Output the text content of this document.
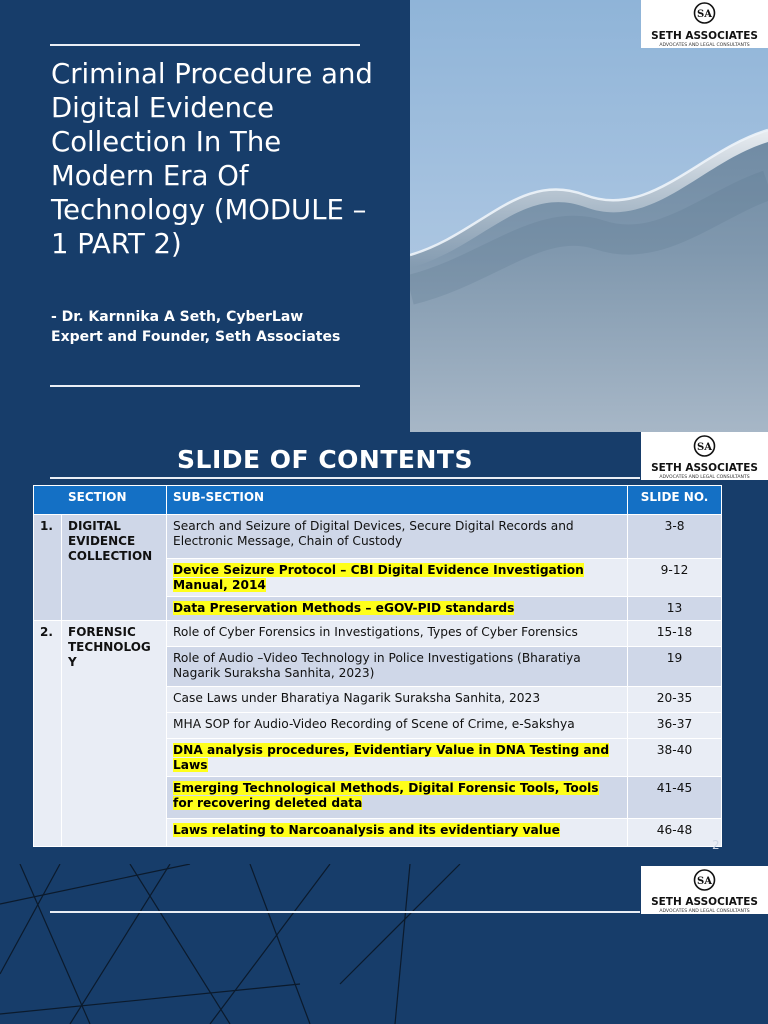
Criminal Procedure and Digital Evidence Collection In The Modern Era Of Technology (MODULE – 1 PART 2)

- Dr. Karnnika A Seth, CyberLaw Expert and Founder, Seth Associates

SA
SETH ASSOCIATES
ADVOCATES AND LEGAL CONSULTANTS
SA
SETH ASSOCIATES
ADVOCATES AND LEGAL CONSULTANTS
SLIDE OF CONTENTS
SECTION		SUB-SECTION	SLIDE NO.
1.	DIGITAL EVIDENCE COLLECTION	Search and Seizure of Digital Devices, Secure Digital Records and Electronic Message, Chain of Custody	3-8
		Device Seizure Protocol – CBI Digital Evidence Investigation Manual, 2014	9-12
		Data Preservation Methods – eGOV-PID standards	13
2.	FORENSIC TECHNOLOG Y	Role of Cyber Forensics in Investigations, Types of Cyber Forensics	15-18
		Role of Audio –Video Technology in Police Investigations (Bharatiya Nagarik Suraksha Sanhita, 2023)	19
		Case Laws under Bharatiya Nagarik Suraksha Sanhita, 2023	20-35
		MHA SOP for Audio-Video Recording of Scene of Crime, e-Sakshya	36-37
		DNA analysis procedures, Evidentiary Value in DNA Testing and Laws	38-40
		Emerging Technological Methods, Digital Forensic Tools, Tools for recovering deleted data	41-45
		Laws relating to Narcoanalysis and its evidentiary value	46-48
2
SA
SETH ASSOCIATES
ADVOCATES AND LEGAL CONSULTANTS
